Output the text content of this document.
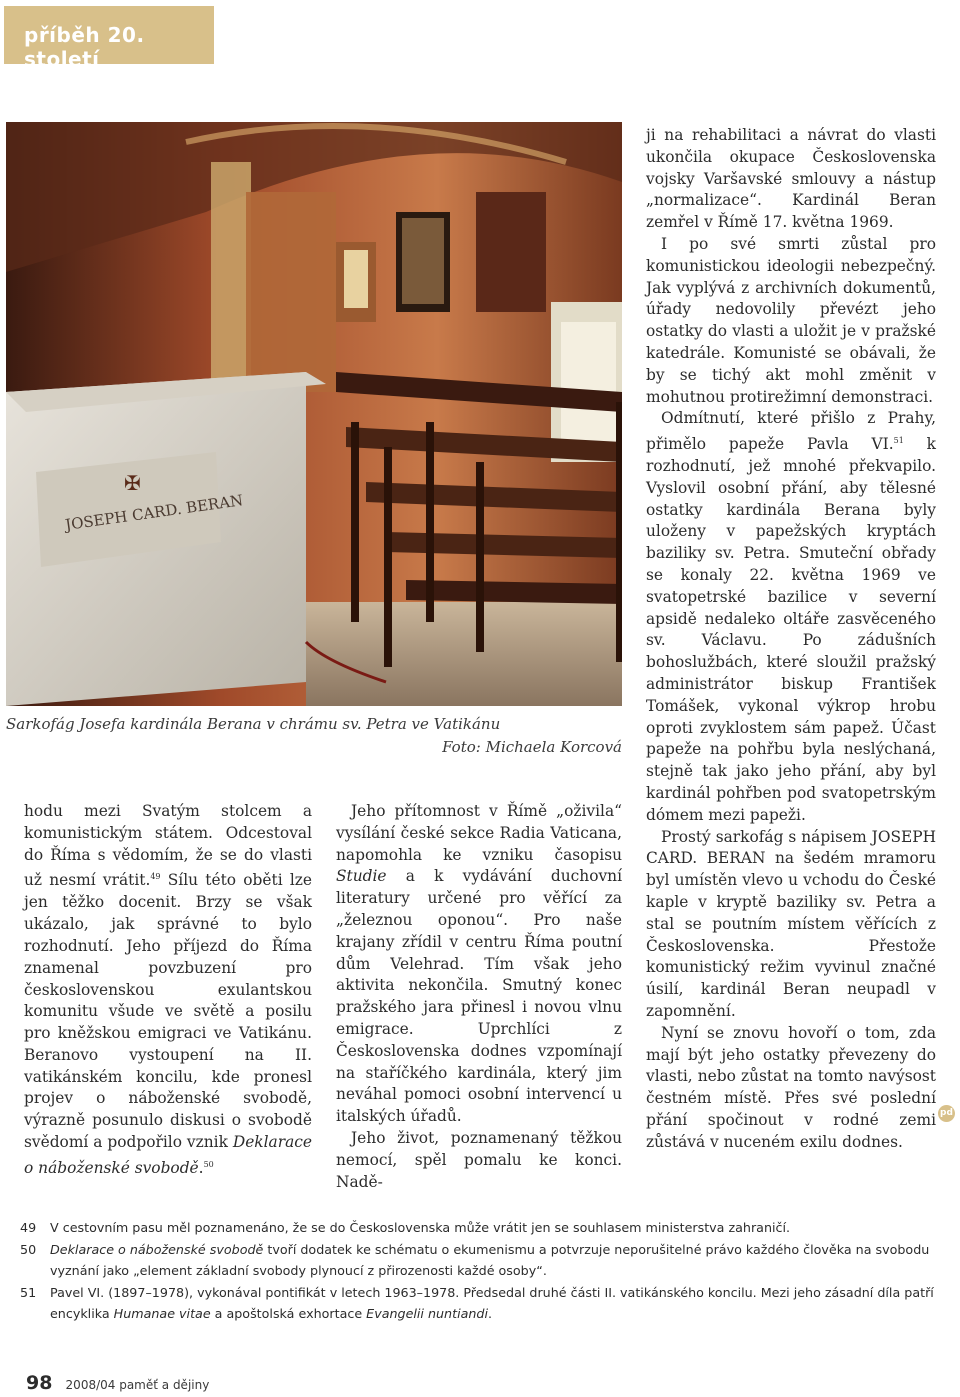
příběh 20. století
JOSEPH CARD. BERAN
✠
Sarkofág Josefa kardinála Berana v chrámu sv. Petra ve Vatikánu
Foto: Michaela Korcová

hodu mezi Svatým stolcem a komunistickým státem. Odcestoval do Říma s vědomím, že se do vlasti už nesmí vrátit.$^{49}$ Sílu této oběti lze jen těžko docenit. Brzy se však ukázalo, jak správné to bylo rozhodnutí. Jeho příjezd do Říma znamenal povzbuzení pro československou exulantskou komunitu všude ve světě a posilu pro kněžskou emigraci ve Vatikánu. Beranovo vystoupení na II. vatikánském koncilu, kde pronesl projev o náboženské svobodě, výrazně posunulo diskusi o svobodě svědomí a podpořilo vznik Deklarace o náboženské svobodě.$^{50}$

Jeho přítomnost v Římě „oživila“ vysílání české sekce Radia Vaticana, napomohla ke vzniku časopisu Studie a k vydávání duchovní literatury určené pro věřící za „železnou oponou“. Pro naše krajany zřídil v centru Říma poutní dům Velehrad. Tím však jeho aktivita nekončila. Smutný konec pražského jara přinesl i novou vlnu emigrace. Uprchlíci z Československa dodnes vzpomínají na staříčkého kardinála, který jim neváhal pomoci osobní intervencí u italských úřadů.

Jeho život, poznamenaný těžkou nemocí, spěl pomalu ke konci. Nadě-

ji na rehabilitaci a návrat do vlasti ukončila okupace Československa vojsky Varšavské smlouvy a nástup „normalizace“. Kardinál Beran zemřel v Římě 17. května 1969.

I po své smrti zůstal pro komunistickou ideologii nebezpečný. Jak vyplývá z archivních dokumentů, úřady nedovolily převézt jeho ostatky do vlasti a uložit je v pražské katedrále. Komunisté se obávali, že by se tichý akt mohl změnit v mohutnou protirežimní demonstraci.

Odmítnutí, které přišlo z Prahy, přimělo papeže Pavla VI.$^{51}$ k rozhodnutí, jež mnohé překvapilo. Vyslovil osobní přání, aby tělesné ostatky kardinála Berana byly uloženy v papežských kryptách baziliky sv. Petra. Smuteční obřady se konaly 22. května 1969 ve svatopetrské bazilice v severní apsidě nedaleko oltáře zasvěceného sv. Václavu. Po zádušních bohoslužbách, které sloužil pražský administrátor biskup František Tomášek, vykonal výkrop hrobu oproti zvyklostem sám papež. Účast papeže na pohřbu byla neslýchaná, stejně tak jako jeho přání, aby byl kardinál pohřben pod svatopetrským dómem mezi papeži.

Prostý sarkofág s nápisem JOSEPH CARD. BERAN na šedém mramoru byl umístěn vlevo u vchodu do České kaple v kryptě baziliky sv. Petra a stal se poutním místem věřících z Československa. Přestože komunistický režim vyvinul značné úsilí, kardinál Beran neupadl v zapomnění.

Nyní se znovu hovoří o tom, zda mají být jeho ostatky převezeny do vlasti, nebo zůstat na tomto navýsost čestném místě. Přes své poslední přání spočinout v rodné zemi zůstává v nuceném exilu dodnes.

pd
49 V cestovním pasu měl poznamenáno, že se do Československa může vrátit jen se souhlasem ministerstva zahraničí.
50 Deklarace o náboženské svobodě tvoří dodatek ke schématu o ekumenismu a potvrzuje neporušitelné právo každého člověka na svobodu vyznání jako „element základní svobody plynoucí z přirozenosti každé osoby“.
51 Pavel VI. (1897–1978), vykonával pontifikát v letech 1963–1978. Předsedal druhé části II. vatikánského koncilu. Mezi jeho zásadní díla patří encyklika Humanae vitae a apoštolská exhortace Evangelii nuntiandi.
98 2008/04 paměť a dějiny
